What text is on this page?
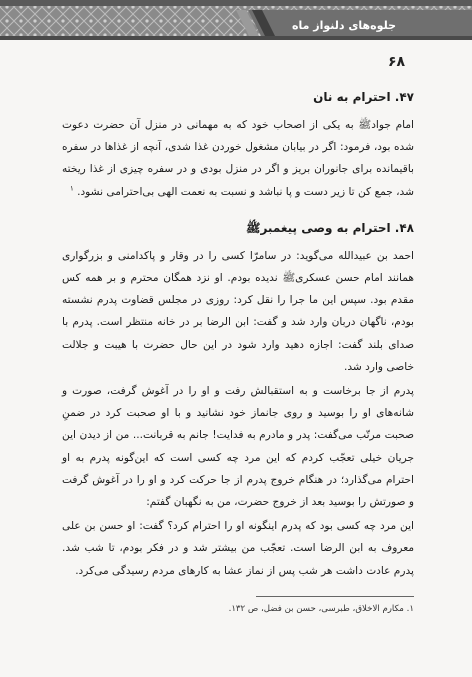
جلوه‌های دلنواز ماه
۶۸
۴۷. احترام به نان

امام جوادﷺ به یکی از اصحاب خود که به مهمانی در منزل آن حضرت دعوت شده بود، فرمود: اگر در بیابان مشغول خوردن غذا شدی، آنچه از غذاها در سفره باقیمانده برای جانوران بریز و اگر در منزل بودی و در سفره چیزی از غذا ریخته شد، جمع کن تا زیر دست و پا نباشد و نسبت به نعمت الهی بی‌احترامی نشود. $^۱$

۴۸. احترام به وصی پیغمبرﷺ

احمد بن عبیدالله می‌گوید: در سامرّا کسی را در وقار و پاکدامنی و بزرگواری همانند امام حسن عسکریﷺ ندیده بودم. او نزد همگان محترم و بر همه کس مقدم بود. سپس این ما جرا را نقل کرد: روزی در مجلس قضاوت پدرم نشسته بودم، ناگهان دربان وارد شد و گفت: ابن الرضا بر در خانه منتظر است. پدرم با صدای بلند گفت: اجازه دهید وارد شود در این حال حضرت با هیبت و جلالت خاصی وارد شد.

پدرم از جا برخاست و به استقبالش رفت و او را در آغوش گرفت، صورت و شانه‌های او را بوسید و روی جانماز خود نشانید و با او صحبت کرد در ضمنِ صحبت مرتّب می‌گفت: پدر و مادرم به فدایت! جانم به قربانت... من از دیدن این جریان خیلی تعجّب کردم که این مرد چه کسی است که این‌گونه پدرم به او احترام می‌گذارد؛ در هنگام خروج پدرم از جا حرکت کرد و او را در آغوش گرفت و صورتش را بوسید بعد از خروج حضرت، من به نگهبان گفتم:

این مرد چه کسی بود که پدرم اینگونه او را احترام کرد؟ گفت: او حسن بن علی معروف به ابن الرضا است. تعجّب من بیشتر شد و در فکر بودم، تا شب شد. پدرم عادت داشت هر شب پس از نماز عشا به کارهای مردم رسیدگی می‌کرد.

۱. مکارم الاخلاق، طبرسی، حسن بن فضل، ص ۱۳۲.
